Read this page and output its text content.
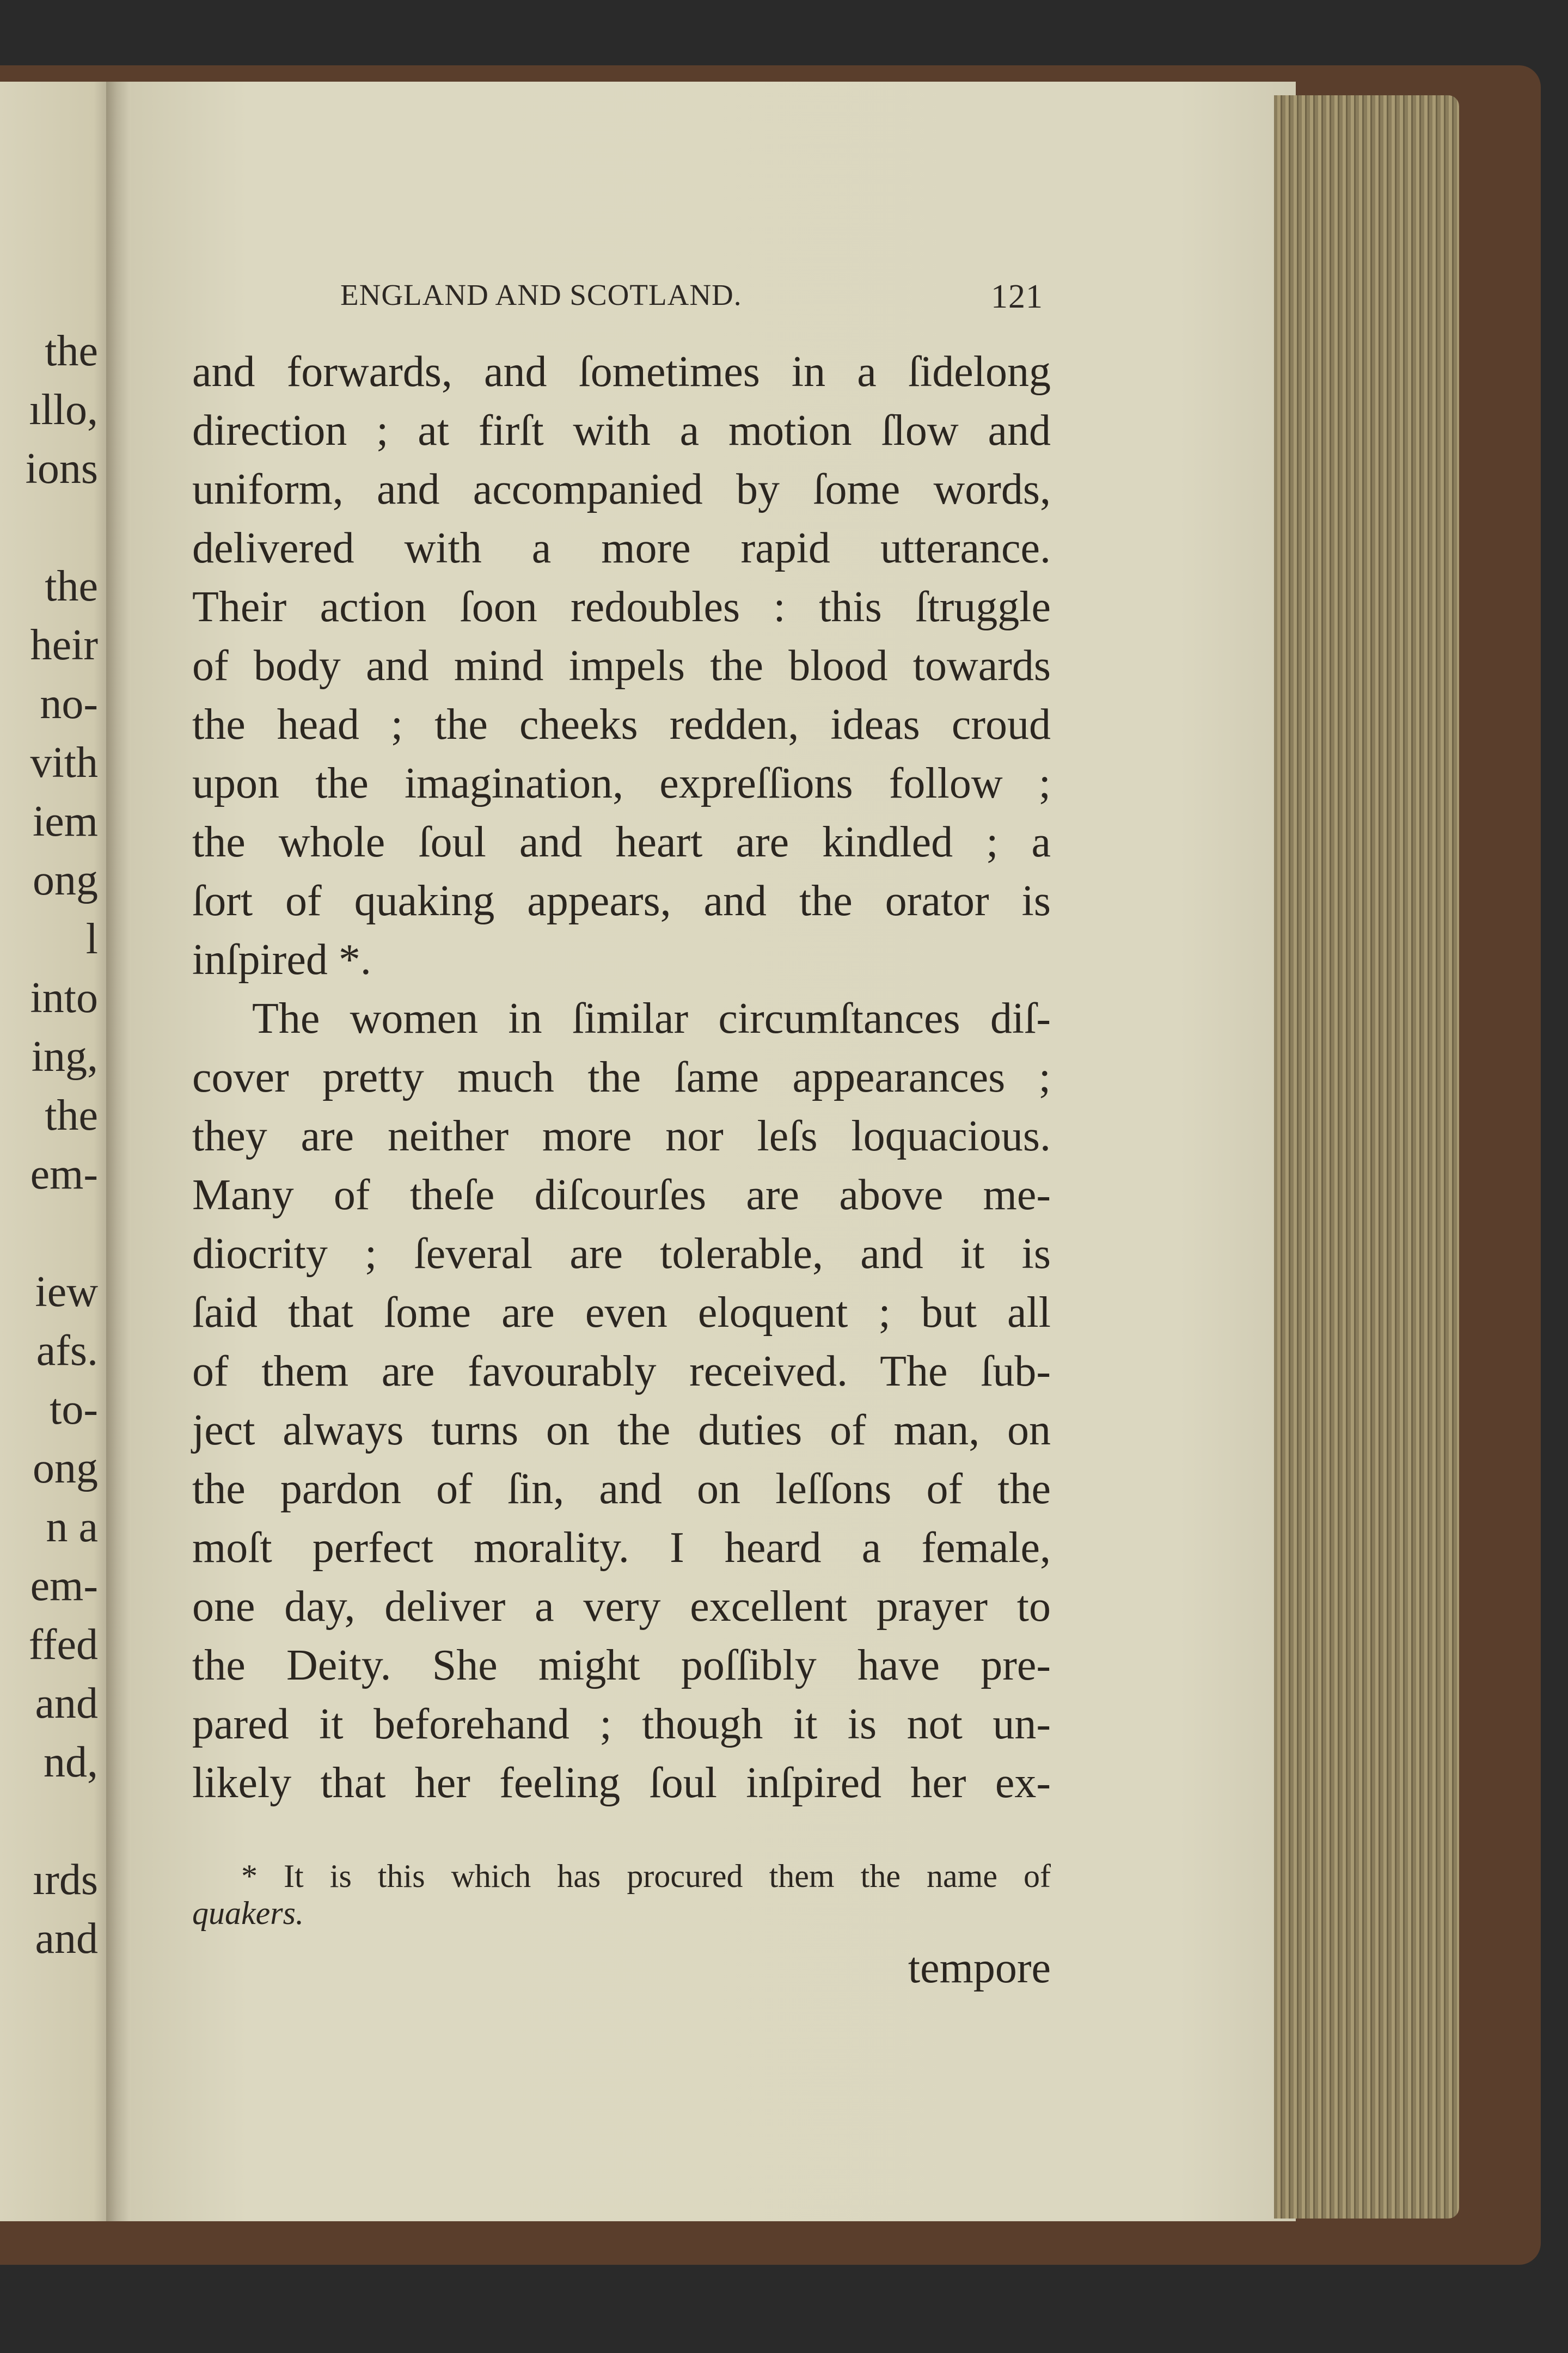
the
ıllo,
ions
the
heir
no-
vith
iem
ong
l
into
ing,
the
em-
iew
afs.
to-
ong
n a
em-
ffed
and
nd,
ırds
and
ENGLAND AND SCOTLAND.	121
and forwards, and ſometimes in a ſidelong
direction ; at firſt with a motion ſlow and
uniform, and accompanied by ſome words,
delivered with a more rapid utterance.
Their action ſoon redoubles : this ſtruggle
of body and mind impels the blood towards
the head ; the cheeks redden, ideas croud
upon the imagination, expreſſions follow ;
the whole ſoul and heart are kindled ; a
ſort of quaking appears, and the orator is
inſpired *.
The women in ſimilar circumſtances diſ-
cover pretty much the ſame appearances ;
they are neither more nor leſs loquacious.
Many of theſe diſcourſes are above me-
diocrity ; ſeveral are tolerable, and it is
ſaid that ſome are even eloquent ; but all
of them are favourably received. The ſub-
ject always turns on the duties of man, on
the pardon of ſin, and on leſſons of the
moſt perfect morality. I heard a female,
one day, deliver a very excellent prayer to
the Deity. She might poſſibly have pre-
pared it beforehand ; though it is not un-
likely that her feeling ſoul inſpired her ex-
* It is this which has procured them the name of
quakers.
tempore
